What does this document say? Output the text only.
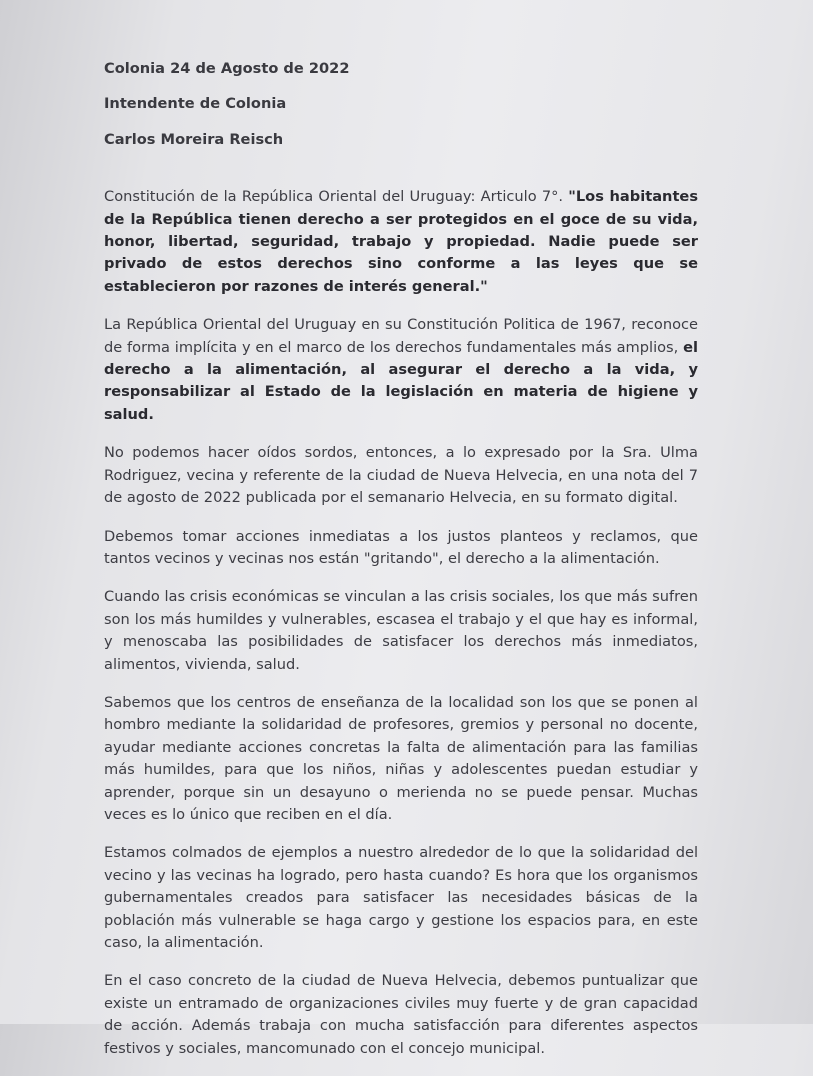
Colonia 24 de Agosto de 2022
Intendente de Colonia
Carlos Moreira Reisch

Constitución de la República Oriental del Uruguay: Articulo 7°. "Los habitantes de la República tienen derecho a ser protegidos en el goce de su vida, honor, libertad, seguridad, trabajo y propiedad. Nadie puede ser privado de estos derechos sino conforme a las leyes que se establecieron por razones de interés general."

La República Oriental del Uruguay en su Constitución Politica de 1967, reconoce de forma implícita y en el marco de los derechos fundamentales más amplios, el derecho a la alimentación, al asegurar el derecho a la vida, y responsabilizar al Estado de la legislación en materia de higiene y salud.

No podemos hacer oídos sordos, entonces, a lo expresado por la Sra. Ulma Rodriguez, vecina y referente de la ciudad de Nueva Helvecia, en una nota del 7 de agosto de 2022 publicada por el semanario Helvecia, en su formato digital.

Debemos tomar acciones inmediatas a los justos planteos y reclamos, que tantos vecinos y vecinas nos están "gritando", el derecho a la alimentación.

Cuando las crisis económicas se vinculan a las crisis sociales, los que más sufren son los más humildes y vulnerables, escasea el trabajo y el que hay es informal, y menoscaba las posibilidades de satisfacer los derechos más inmediatos, alimentos, vivienda, salud.

Sabemos que los centros de enseñanza de la localidad son los que se ponen al hombro mediante la solidaridad de profesores, gremios y personal no docente, ayudar mediante acciones concretas la falta de alimentación para las familias más humildes, para que los niños, niñas y adolescentes puedan estudiar y aprender, porque sin un desayuno o merienda no se puede pensar. Muchas veces es lo único que reciben en el día.

Estamos colmados de ejemplos a nuestro alrededor de lo que la solidaridad del vecino y las vecinas ha logrado, pero hasta cuando? Es hora que los organismos gubernamentales creados para satisfacer las necesidades básicas de la población más vulnerable se haga cargo y gestione los espacios para, en este caso, la alimentación.

En el caso concreto de la ciudad de Nueva Helvecia, debemos puntualizar que existe un entramado de organizaciones civiles muy fuerte y de gran capacidad de acción. Además trabaja con mucha satisfacción para diferentes aspectos festivos y sociales, mancomunado con el concejo municipal.
